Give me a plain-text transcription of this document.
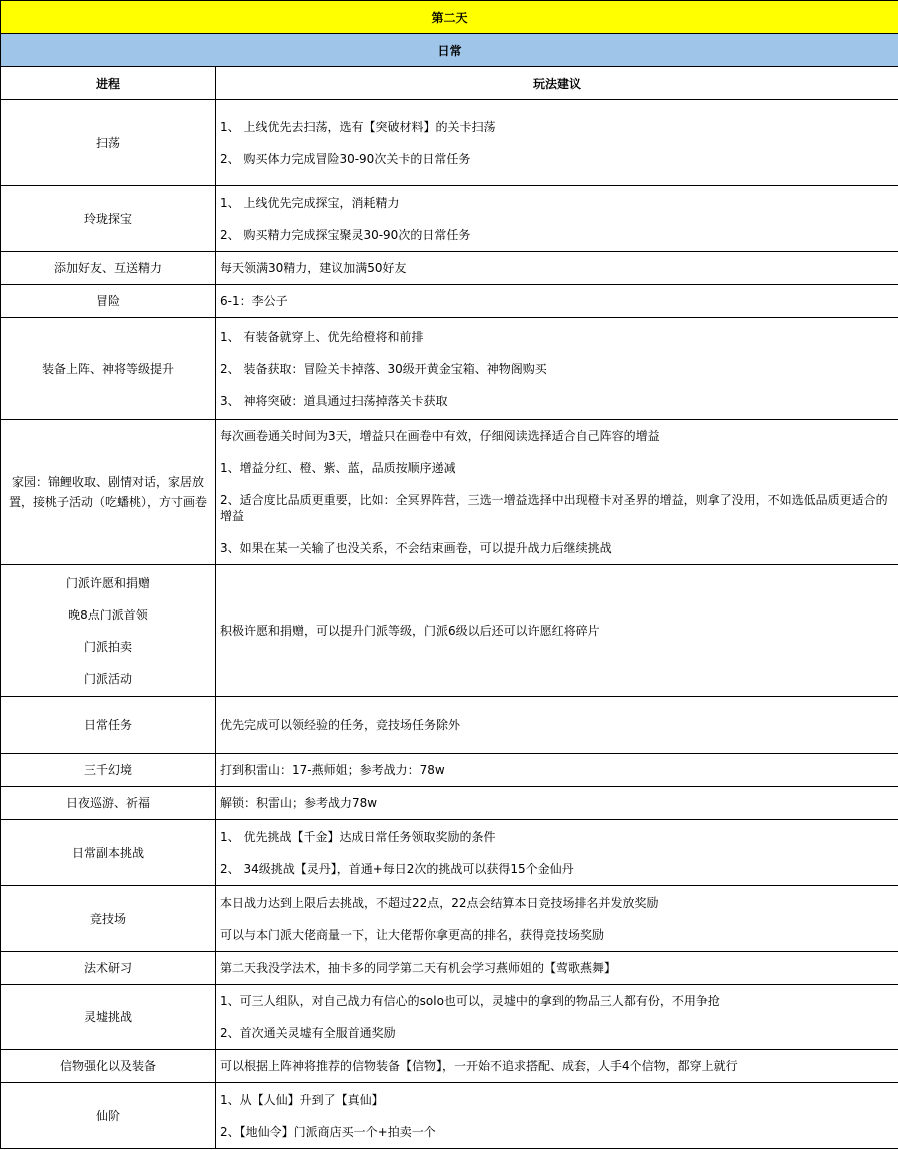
第二天	
日常	
进程	玩法建议

扫荡	1、 上线优先去扫荡，选有【突破材料】的关卡扫荡
2、 购买体力完成冒险30-90次关卡的日常任务

玲珑探宝	1、 上线优先完成探宝，消耗精力
2、 购买精力完成探宝聚灵30-90次的日常任务

添加好友、互送精力	每天领满30精力，建议加满50好友

冒险	6-1：李公子

装备上阵、神将等级提升	1、 有装备就穿上、优先给橙将和前排
2、 装备获取：冒险关卡掉落、30级开黄金宝箱、神物阁购买
3、 神将突破：道具通过扫荡掉落关卡获取

家园：锦鲤收取、剧情对话，家居放置，接桃子活动（吃蟠桃），方寸画卷	每次画卷通关时间为3天，增益只在画卷中有效，仔细阅读选择适合自己阵容的增益
1、增益分红、橙、紫、蓝，品质按顺序递减
2、适合度比品质更重要，比如：全冥界阵营，三选一增益选择中出现橙卡对圣界的增益，则拿了没用，不如选低品质更适合的增益
3、如果在某一关输了也没关系，不会结束画卷，可以提升战力后继续挑战

门派许愿和捐赠
晚8点门派首领
门派拍卖
门派活动	积极许愿和捐赠，可以提升门派等级，门派6级以后还可以许愿红将碎片

日常任务	优先完成可以领经验的任务，竞技场任务除外

三千幻境	打到积雷山：17-燕师姐；参考战力：78w

日夜巡游、祈福	解锁：积雷山；参考战力78w

日常副本挑战	1、 优先挑战【千金】达成日常任务领取奖励的条件
2、 34级挑战【灵丹】，首通+每日2次的挑战可以获得15个金仙丹

竞技场	本日战力达到上限后去挑战，不超过22点，22点会结算本日竞技场排名并发放奖励
可以与本门派大佬商量一下，让大佬帮你拿更高的排名，获得竞技场奖励

法术研习	第二天我没学法术，抽卡多的同学第二天有机会学习燕师姐的【莺歌燕舞】

灵墟挑战	1、可三人组队，对自己战力有信心的solo也可以，灵墟中的拿到的物品三人都有份，不用争抢
2、首次通关灵墟有全服首通奖励

信物强化以及装备	可以根据上阵神将推荐的信物装备【信物】，一开始不追求搭配、成套，人手4个信物，都穿上就行

仙阶	1、从【人仙】升到了【真仙】
2、【地仙令】门派商店买一个+拍卖一个
